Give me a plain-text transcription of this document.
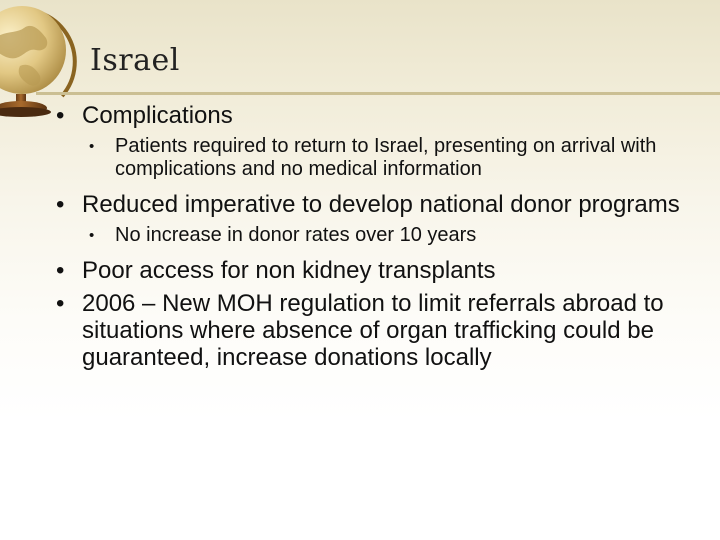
Israel
• Complications
• Patients required to return to Israel, presenting on arrival with complications and no medical information
• Reduced imperative to develop national donor programs
• No increase in donor rates over 10 years
• Poor access for non kidney transplants
• 2006 – New MOH regulation to limit referrals abroad to situations where absence of organ trafficking could be guaranteed, increase donations locally
